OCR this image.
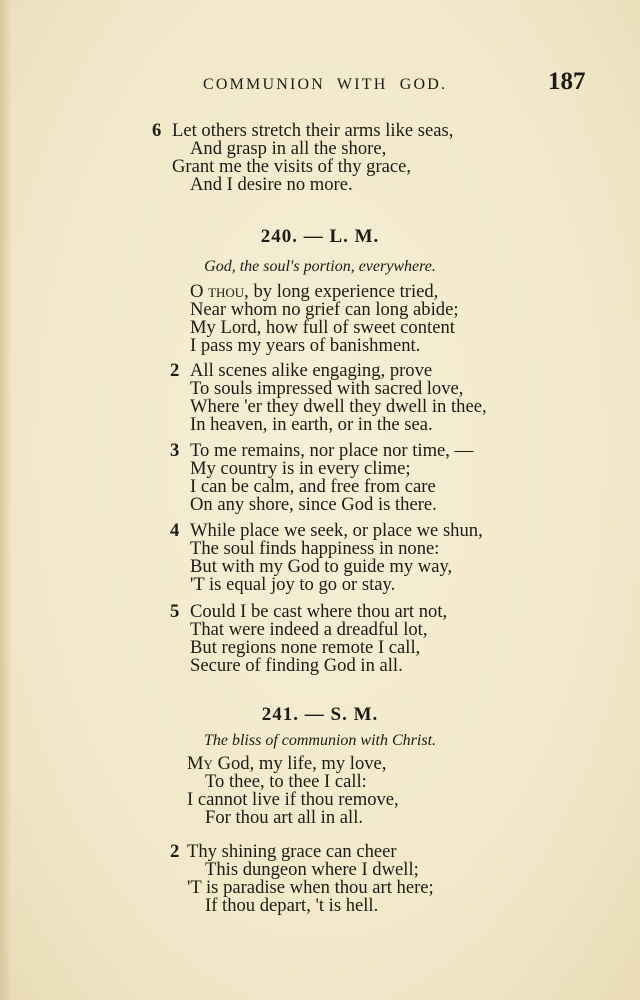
COMMUNION WITH GOD.	187
6 Let others stretch their arms like seas,
And grasp in all the shore,
Grant me the visits of thy grace,
And I desire no more.
240. — L. M.
God, the soul's portion, everywhere.
O thou, by long experience tried,
Near whom no grief can long abide;
My Lord, how full of sweet content
I pass my years of banishment.
2 All scenes alike engaging, prove
To souls impressed with sacred love,
Where 'er they dwell they dwell in thee,
In heaven, in earth, or in the sea.
3 To me remains, nor place nor time, —
My country is in every clime;
I can be calm, and free from care
On any shore, since God is there.
4 While place we seek, or place we shun,
The soul finds happiness in none:
But with my God to guide my way,
'T is equal joy to go or stay.
5 Could I be cast where thou art not,
That were indeed a dreadful lot,
But regions none remote I call,
Secure of finding God in all.
241. — S. M.
The bliss of communion with Christ.
My God, my life, my love,
To thee, to thee I call:
I cannot live if thou remove,
For thou art all in all.
2 Thy shining grace can cheer
This dungeon where I dwell;
'T is paradise when thou art here;
If thou depart, 't is hell.
